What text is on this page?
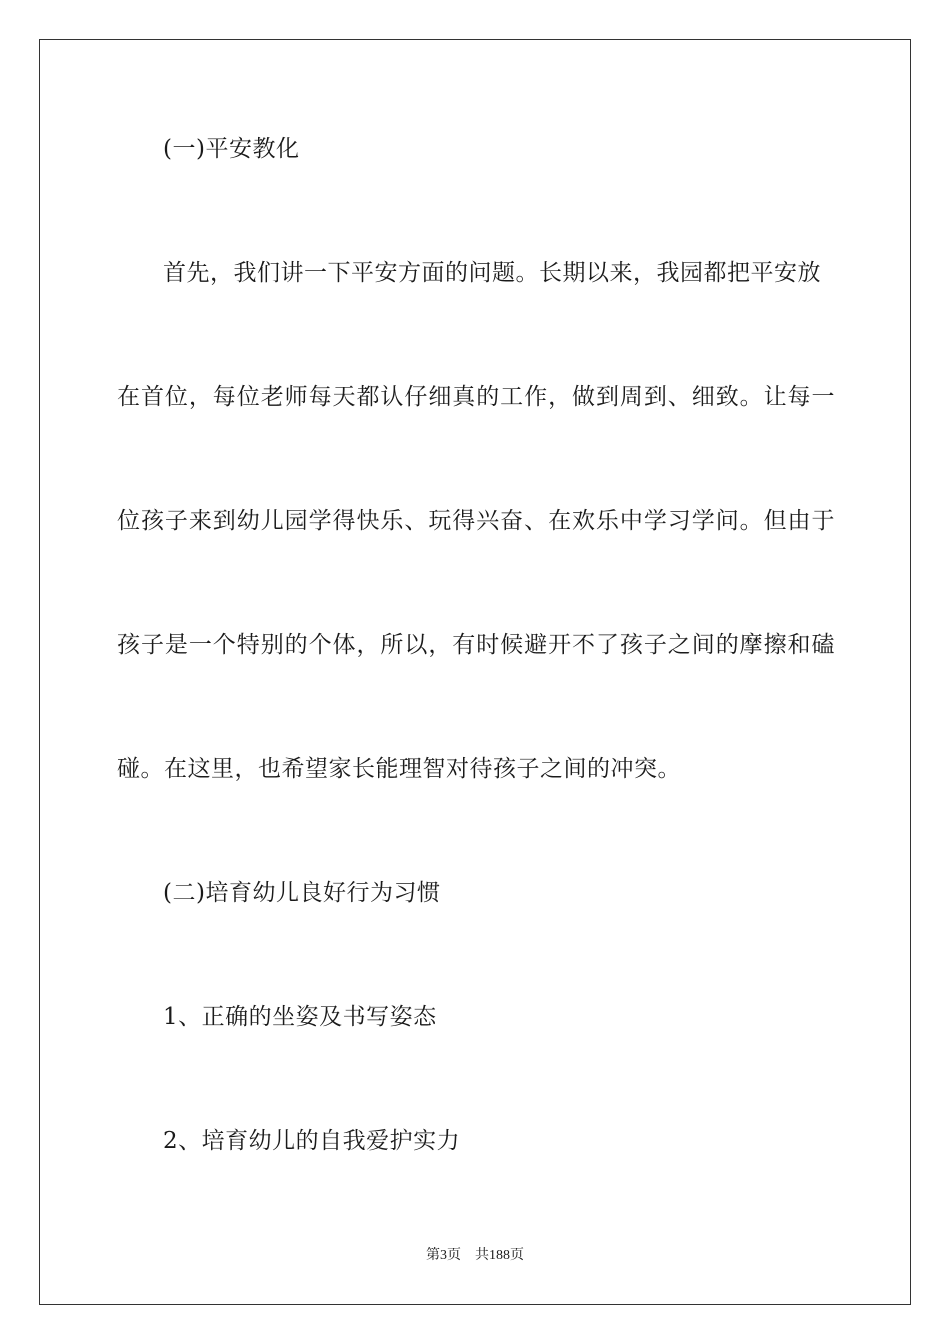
(一)平安教化
首先，我们讲一下平安方面的问题。长期以来，我园都把平安放
在首位，每位老师每天都认仔细真的工作，做到周到、细致。让每一
位孩子来到幼儿园学得快乐、玩得兴奋、在欢乐中学习学问。但由于
孩子是一个特别的个体，所以，有时候避开不了孩子之间的摩擦和磕
碰。在这里，也希望家长能理智对待孩子之间的冲突。
(二)培育幼儿良好行为习惯
1、正确的坐姿及书写姿态
2、培育幼儿的自我爱护实力
第3页 共188页
